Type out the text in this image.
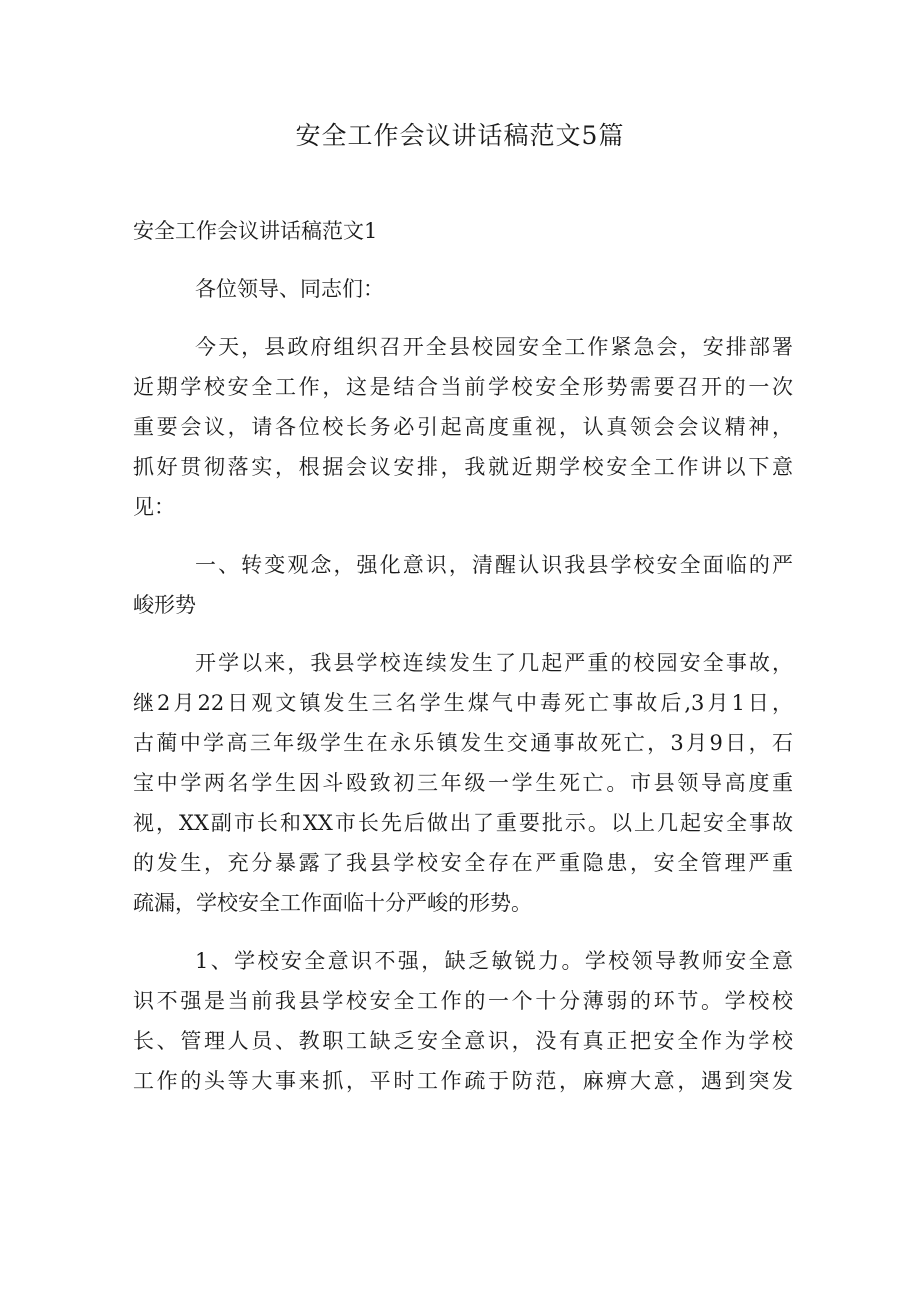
安全工作会议讲话稿范文5篇

安全工作会议讲话稿范文1

各位领导、同志们：

今天，县政府组织召开全县校园安全工作紧急会，安排部署
近期学校安全工作，这是结合当前学校安全形势需要召开的一次
重要会议，请各位校长务必引起高度重视，认真领会会议精神，
抓好贯彻落实，根据会议安排，我就近期学校安全工作讲以下意
见：
一、转变观念，强化意识，清醒认识我县学校安全面临的严
峻形势
开学以来，我县学校连续发生了几起严重的校园安全事故，
继2月22日观文镇发生三名学生煤气中毒死亡事故后,3月1日，
古蔺中学高三年级学生在永乐镇发生交通事故死亡，3月9日，石
宝中学两名学生因斗殴致初三年级一学生死亡。市县领导高度重
视，XX副市长和XX市长先后做出了重要批示。以上几起安全事故
的发生，充分暴露了我县学校安全存在严重隐患，安全管理严重
疏漏，学校安全工作面临十分严峻的形势。
1、学校安全意识不强，缺乏敏锐力。学校领导教师安全意
识不强是当前我县学校安全工作的一个十分薄弱的环节。学校校
长、管理人员、教职工缺乏安全意识，没有真正把安全作为学校
工作的头等大事来抓，平时工作疏于防范，麻痹大意，遇到突发
